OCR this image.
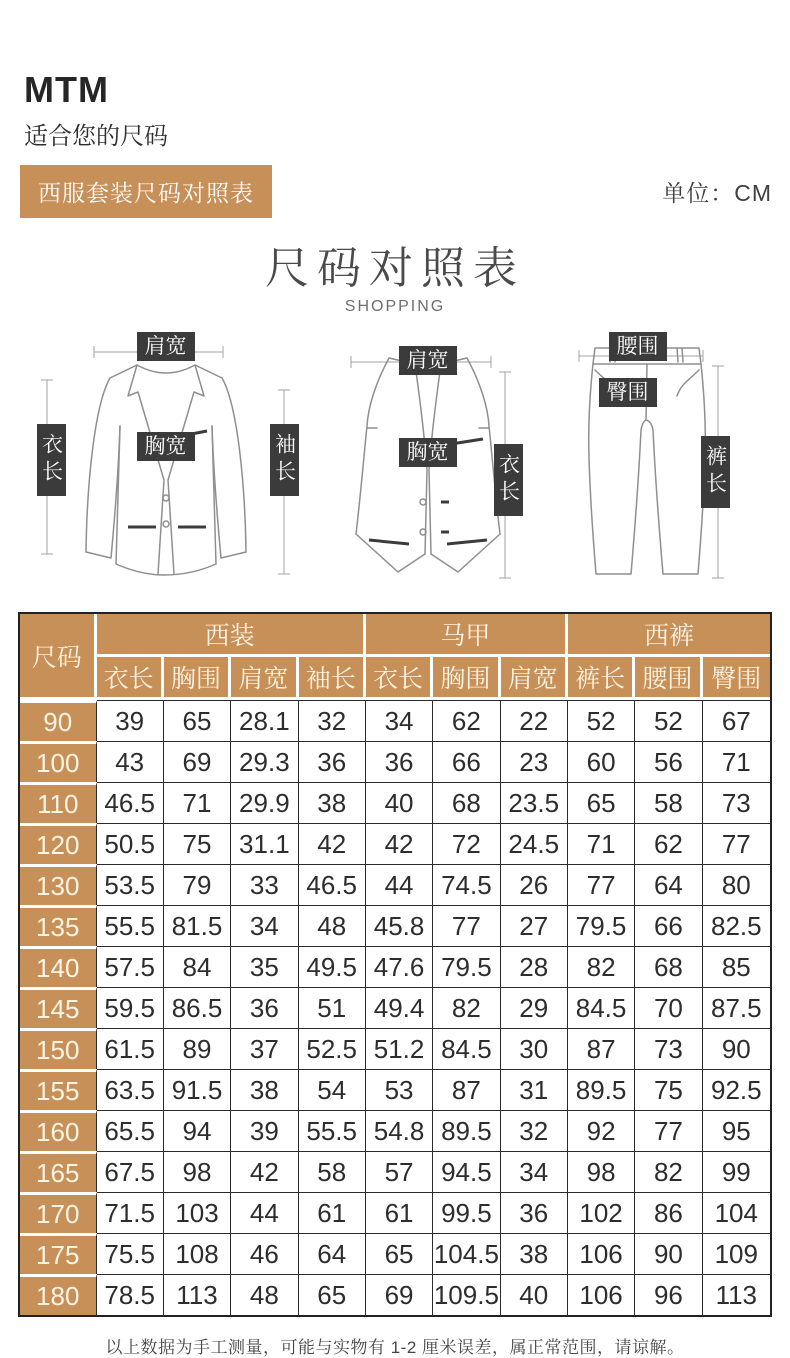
MTM
适合您的尺码
西服套装尺码对照表	单位：CM
尺码对照表
SHOPPING
肩宽
衣长	胸宽	袖长
肩宽
胸宽
衣长
腰围
臀围
裤长
尺码	西装				马甲			西裤		
	衣长	胸围	肩宽	袖长	衣长	胸围	肩宽	裤长	腰围	臀围
90	39	65	28.1	32	34	62	22	52	52	67
100	43	69	29.3	36	36	66	23	60	56	71
110	46.5	71	29.9	38	40	68	23.5	65	58	73
120	50.5	75	31.1	42	42	72	24.5	71	62	77
130	53.5	79	33	46.5	44	74.5	26	77	64	80
135	55.5	81.5	34	48	45.8	77	27	79.5	66	82.5
140	57.5	84	35	49.5	47.6	79.5	28	82	68	85
145	59.5	86.5	36	51	49.4	82	29	84.5	70	87.5
150	61.5	89	37	52.5	51.2	84.5	30	87	73	90
155	63.5	91.5	38	54	53	87	31	89.5	75	92.5
160	65.5	94	39	55.5	54.8	89.5	32	92	77	95
165	67.5	98	42	58	57	94.5	34	98	82	99
170	71.5	103	44	61	61	99.5	36	102	86	104
175	75.5	108	46	64	65	104.5	38	106	90	109
180	78.5	113	48	65	69	109.5	40	106	96	113
以上数据为手工测量，可能与实物有 1-2 厘米误差，属正常范围，请谅解。
